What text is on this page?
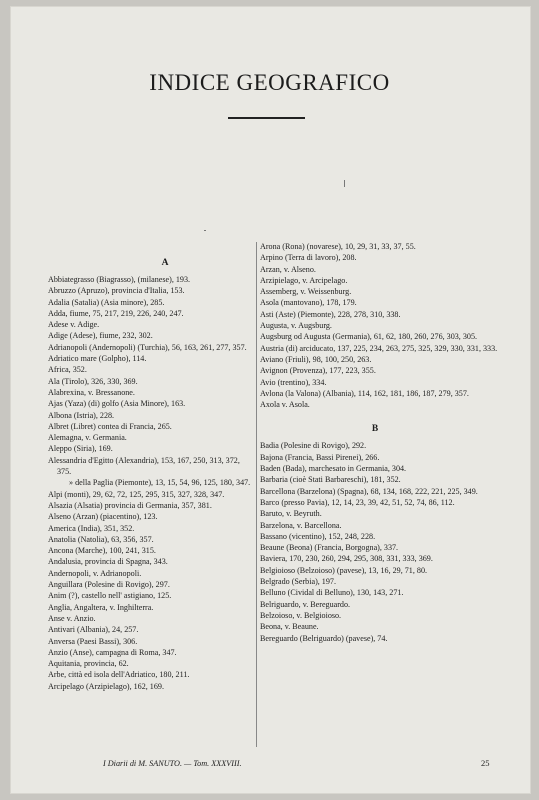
INDICE GEOGRAFICO
A

Abbiategrasso (Biagrasso), (milanese), 193.

Abruzzo (Apruzo), provincia d'Italia, 153.

Adalia (Satalia) (Asia minore), 285.

Adda, fiume, 75, 217, 219, 226, 240, 247.

Adese v. Adige.

Adige (Adese), fiume, 232, 302.

Adrianopoli (Andernopoli) (Turchia), 56, 163, 261, 277, 357.

Adriatico mare (Golpho), 114.

Africa, 352.

Ala (Tirolo), 326, 330, 369.

Alabrexina, v. Bressanone.

Ajas (Yaza) (di) golfo (Asia Minore), 163.

Albona (Istria), 228.

Albret (Libret) contea di Francia, 265.

Alemagna, v. Germania.

Aleppo (Siria), 169.

Alessandria d'Egitto (Alexandria), 153, 167, 250, 313, 372, 375.

» della Paglia (Piemonte), 13, 15, 54, 96, 125, 180, 347.

Alpi (monti), 29, 62, 72, 125, 295, 315, 327, 328, 347.

Alsazia (Alsatia) provincia di Germania, 357, 381.

Alseno (Arzan) (piacentino), 123.

America (India), 351, 352.

Anatolia (Natolia), 63, 356, 357.

Ancona (Marche), 100, 241, 315.

Andalusia, provincia di Spagna, 343.

Andernopoli, v. Adrianopoli.

Anguillara (Polesine di Rovigo), 297.

Anim (?), castello nell' astigiano, 125.

Anglia, Angaltera, v. Inghilterra.

Anse v. Anzio.

Antivari (Albania), 24, 257.

Anversa (Paesi Bassi), 306.

Anzio (Anse), campagna di Roma, 347.

Aquitania, provincia, 62.

Arbe, città ed isola dell'Adriatico, 180, 211.

Arcipelago (Arzipielago), 162, 169.

Arona (Rona) (novarese), 10, 29, 31, 33, 37, 55.

Arpino (Terra di lavoro), 208.

Arzan, v. Alseno.

Arzipielago, v. Arcipelago.

Assemberg, v. Weissenburg.

Asola (mantovano), 178, 179.

Asti (Aste) (Piemonte), 228, 278, 310, 338.

Augusta, v. Augsburg.

Augsburg od Augusta (Germania), 61, 62, 180, 260, 276, 303, 305.

Austria (di) arciducato, 137, 225, 234, 263, 275, 325, 329, 330, 331, 333.

Aviano (Friuli), 98, 100, 250, 263.

Avignon (Provenza), 177, 223, 355.

Avio (trentino), 334.

Avlona (la Valona) (Albania), 114, 162, 181, 186, 187, 279, 357.

Axola v. Asola.

B

Badia (Polesine di Rovigo), 292.

Bajona (Francia, Bassi Pirenei), 266.

Baden (Bada), marchesato in Germania, 304.

Barbaria (cioè Stati Barbareschi), 181, 352.

Barcellona (Barzelona) (Spagna), 68, 134, 168, 222, 221, 225, 349.

Barco (presso Pavia), 12, 14, 23, 39, 42, 51, 52, 74, 86, 112.

Baruto, v. Beyruth.

Barzelona, v. Barcellona.

Bassano (vicentino), 152, 248, 228.

Beaune (Beona) (Francia, Borgogna), 337.

Baviera, 170, 230, 260, 294, 295, 308, 331, 333, 369.

Belgioioso (Belzoioso) (pavese), 13, 16, 29, 71, 80.

Belgrado (Serbia), 197.

Belluno (Cividal di Belluno), 130, 143, 271.

Belriguardo, v. Bereguardo.

Belzoioso, v. Belgioioso.

Beona, v. Beaune.

Bereguardo (Belriguardo) (pavese), 74.

I Diarii di M. SANUTO. — Tom. XXXVIII.	25
